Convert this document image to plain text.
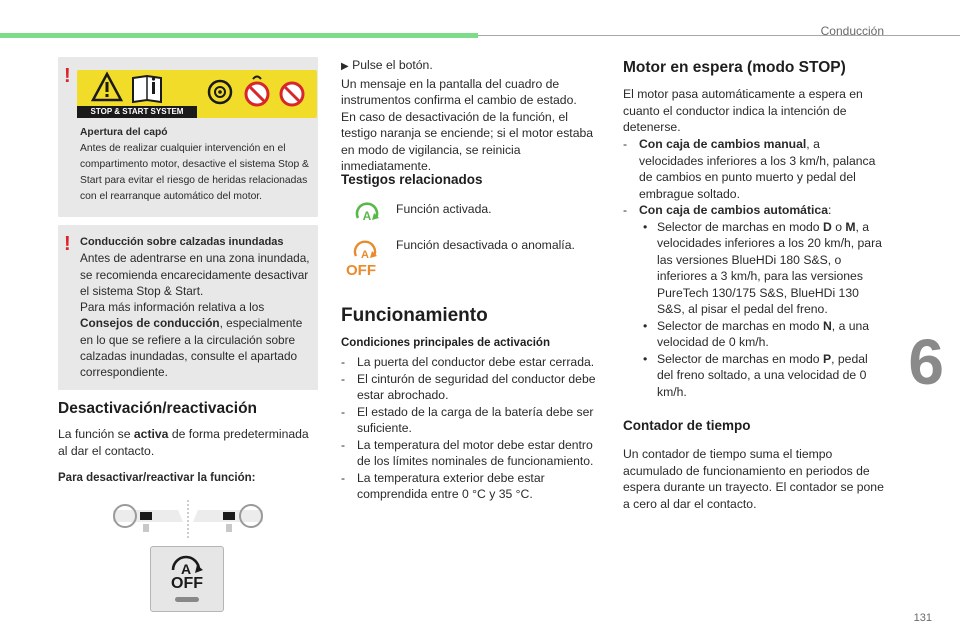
Conducción
6
131
!
STOP & START SYSTEM
Apertura del capó
Antes de realizar cualquier intervención en el compartimento motor, desactive el sistema Stop & Start para evitar el riesgo de heridas relacionadas con el rearranque automático del motor.
! Conducción sobre calzadas inundadas
Antes de adentrarse en una zona inundada, se recomienda encarecidamente desactivar el sistema Stop & Start.
Para más información relativa a los Consejos de conducción, especialmente en lo que se refiere a la circulación sobre calzadas inundadas, consulte el apartado correspondiente.
Desactivación/reactivación
La función se activa de forma predeterminada al dar el contacto.
Para desactivar/reactivar la función:
A
OFF
▶ Pulse el botón.
Un mensaje en la pantalla del cuadro de instrumentos confirma el cambio de estado.
En caso de desactivación de la función, el testigo naranja se enciende; si el motor estaba en modo de vigilancia, se reinicia inmediatamente.
Testigos relacionados
A Función activada.
A
OFF
Función desactivada o anomalía.
Funcionamiento
Condiciones principales de activación
- La puerta del conductor debe estar cerrada.
- El cinturón de seguridad del conductor debe estar abrochado.
- El estado de la carga de la batería debe ser suficiente.
- La temperatura del motor debe estar dentro de los límites nominales de funcionamiento.
- La temperatura exterior debe estar comprendida entre 0 °C y 35 °C.
Motor en espera (modo STOP)
El motor pasa automáticamente a espera en cuanto el conductor indica la intención de detenerse.
- Con caja de cambios manual, a velocidades inferiores a los 3 km/h, palanca de cambios en punto muerto y pedal del embrague soltado.
- Con caja de cambios automática:
• Selector de marchas en modo D o M, a velocidades inferiores a los 20 km/h, para las versiones BlueHDi 180 S&S, o inferiores a 3 km/h, para las versiones PureTech 130/175 S&S, BlueHDi 130 S&S, al pisar el pedal del freno.
• Selector de marchas en modo N, a una velocidad de 0 km/h.
• Selector de marchas en modo P, pedal del freno soltado, a una velocidad de 0 km/h.
Contador de tiempo
Un contador de tiempo suma el tiempo acumulado de funcionamiento en periodos de espera durante un trayecto. El contador se pone a cero al dar el contacto.
